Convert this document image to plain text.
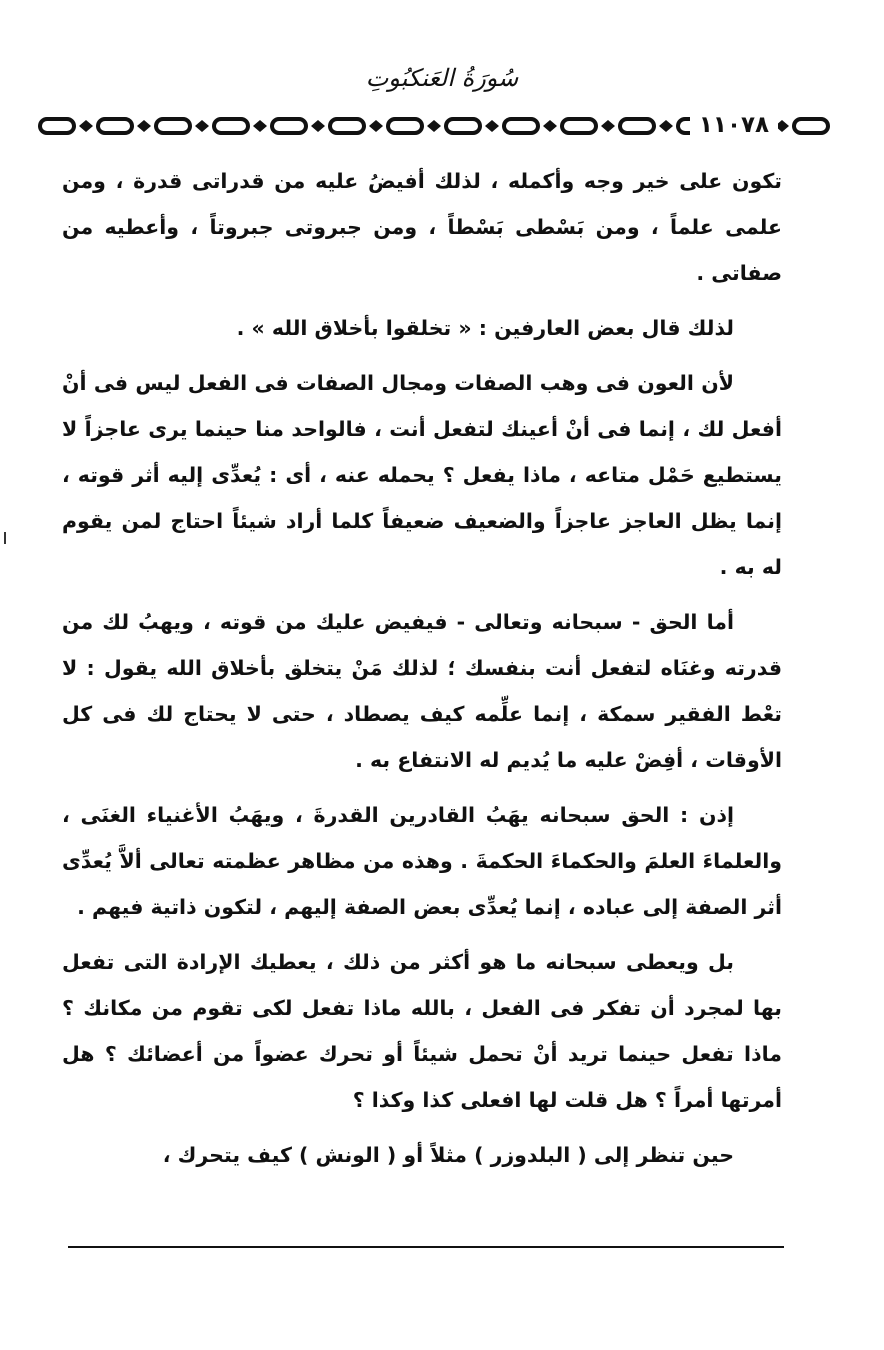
سُورَةُ العَنكبُوتِ
١١٠٧٨

تكون على خير وجه وأكمله ، لذلك أفيضُ عليه من قدراتى قدرة ، ومن علمى علماً ، ومن بَسْطى بَسْطاً ، ومن جبروتى جبروتاً ، وأعطيه من صفاتى .

لذلك قال بعض العارفين : « تخلقوا بأخلاق الله » .

لأن العون فى وهب الصفات ومجال الصفات فى الفعل ليس فى أنْ أفعل لك ، إنما فى أنْ أعينك لتفعل أنت ، فالواحد منا حينما يرى عاجزاً لا يستطيع حَمْل متاعه ، ماذا يفعل ؟ يحمله عنه ، أى : يُعدِّى إليه أثر قوته ، إنما يظل العاجز عاجزاً والضعيف ضعيفاً كلما أراد شيئاً احتاج لمن يقوم له به .

أما الحق - سبحانه وتعالى - فيفيض عليك من قوته ، ويهبُ لك من قدرته وغنَاه لتفعل أنت بنفسك ؛ لذلك مَنْ يتخلق بأخلاق الله يقول : لا تعْط الفقير سمكة ، إنما علِّمه كيف يصطاد ، حتى لا يحتاج لك فى كل الأوقات ، أفِضْ عليه ما يُديم له الانتفاع به .

إذن : الحق سبحانه يهَبُ القادرين القدرةَ ، ويهَبُ الأغنياء الغنَى ، والعلماءَ العلمَ والحكماءَ الحكمةَ . وهذه من مظاهر عظمته تعالى ألاَّ يُعدِّى أثر الصفة إلى عباده ، إنما يُعدِّى بعض الصفة إليهم ، لتكون ذاتية فيهم .

بل ويعطى سبحانه ما هو أكثر من ذلك ، يعطيك الإرادة التى تفعل بها لمجرد أن تفكر فى الفعل ، بالله ماذا تفعل لكى تقوم من مكانك ؟ ماذا تفعل حينما تريد أنْ تحمل شيئاً أو تحرك عضواً من أعضائك ؟ هل أمرتها أمراً ؟ هل قلت لها افعلى كذا وكذا ؟

حين تنظر إلى ( البلدوزر ) مثلاً أو ( الونش ) كيف يتحرك ،
